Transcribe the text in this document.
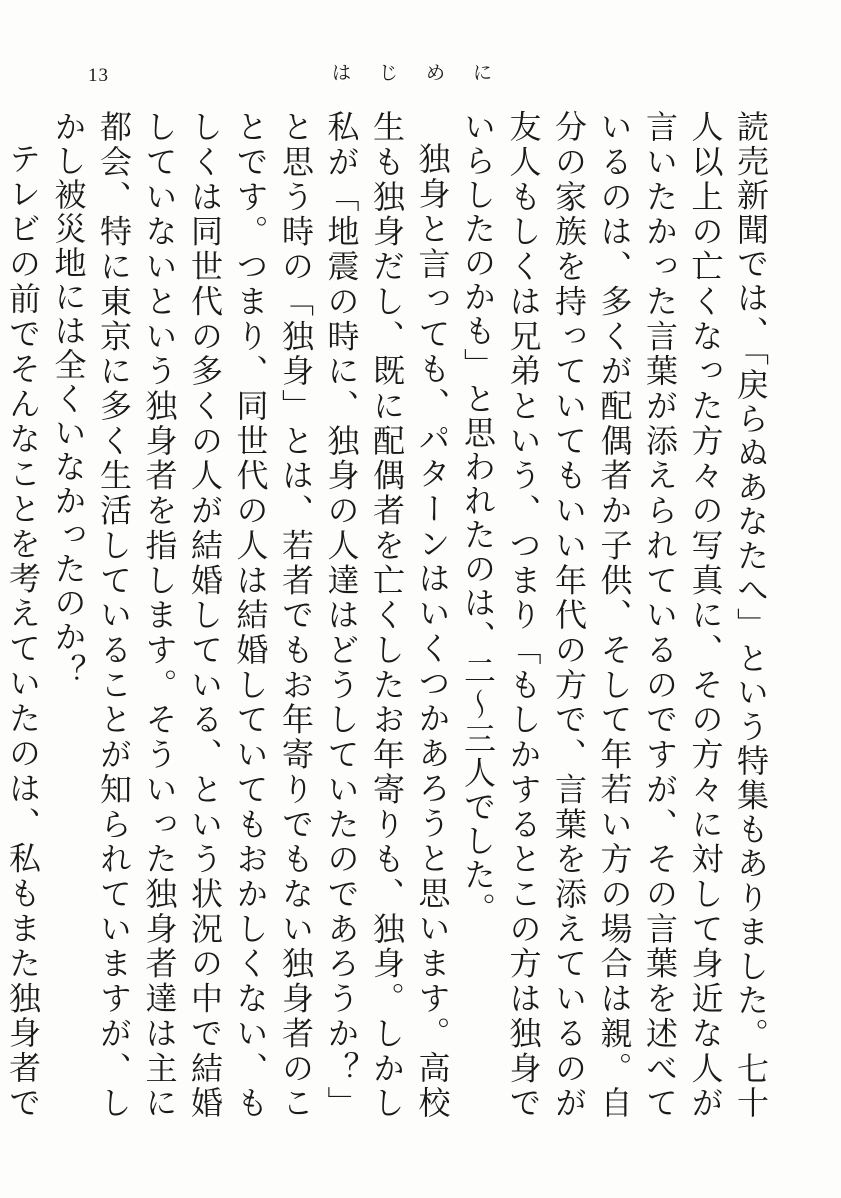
13	はじめに

読売新聞では、「戻らぬあなたへ」という特集もありました。七十人以上の亡くなった方々の写真に、その方々に対して身近な人が言いたかった言葉が添えられているのですが、その言葉を述べているのは、多くが配偶者か子供、そして年若い方の場合は親。自分の家族を持っていてもいい年代の方で、言葉を添えているのが友人もしくは兄弟という、つまり「もしかするとこの方は独身でいらしたのかも」と思われたのは、二〜三人でした。

独身と言っても、パターンはいくつかあろうと思います。高校生も独身だし、既に配偶者を亡くしたお年寄りも、独身。しかし私が「地震の時に、独身の人達はどうしていたのであろうか？」と思う時の「独身」とは、若者でもお年寄りでもない独身者のことです。つまり、同世代の人は結婚していてもおかしくない、もしくは同世代の多くの人が結婚している、という状況の中で結婚していないという独身者を指します。そういった独身者達は主に都会、特に東京に多く生活していることが知られていますが、しかし被災地には全くいなかったのか？

テレビの前でそんなことを考えていたのは、私もまた独身者で
